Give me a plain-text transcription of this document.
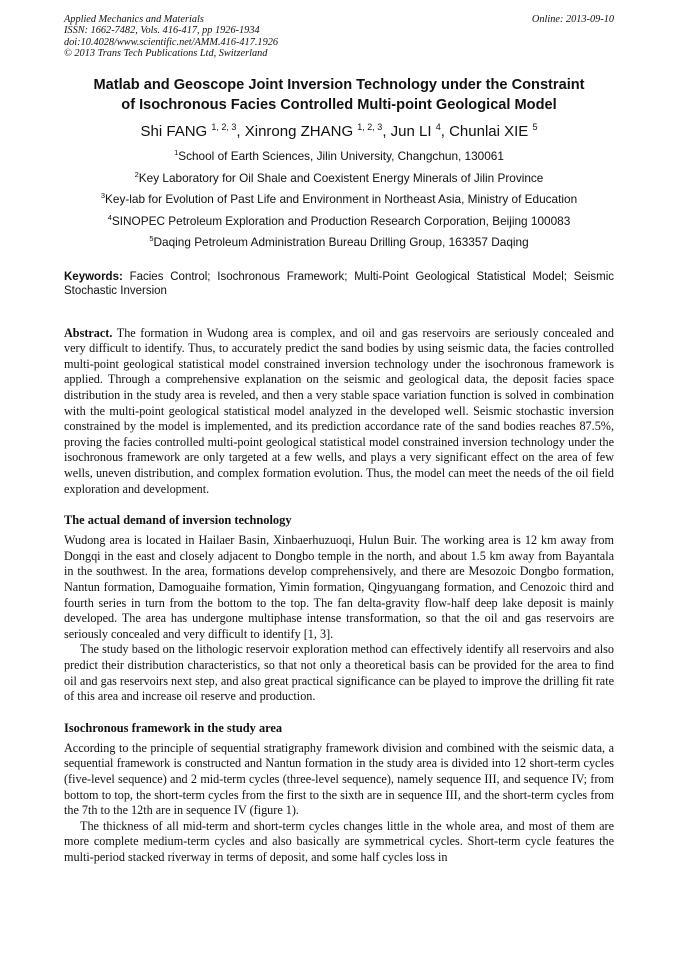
Applied Mechanics and Materials
ISSN: 1662-7482, Vols. 416-417, pp 1926-1934
doi:10.4028/www.scientific.net/AMM.416-417.1926
© 2013 Trans Tech Publications Ltd, Switzerland
Online: 2013-09-10
Matlab and Geoscope Joint Inversion Technology under the Constraint
of Isochronous Facies Controlled Multi-point Geological Model
Shi FANG $^{1, 2, 3}$, Xinrong ZHANG $^{1, 2, 3}$, Jun LI $^4$, Chunlai XIE $^5$
$^1$School of Earth Sciences, Jilin University, Changchun, 130061
$^2$Key Laboratory for Oil Shale and Coexistent Energy Minerals of Jilin Province
$^3$Key-lab for Evolution of Past Life and Environment in Northeast Asia, Ministry of Education
$^4$SINOPEC Petroleum Exploration and Production Research Corporation, Beijing 100083
$^5$Daqing Petroleum Administration Bureau Drilling Group, 163357 Daqing
Keywords: Facies Control; Isochronous Framework; Multi-Point Geological Statistical Model; Seismic Stochastic Inversion
Abstract. The formation in Wudong area is complex, and oil and gas reservoirs are seriously concealed and very difficult to identify. Thus, to accurately predict the sand bodies by using seismic data, the facies controlled multi-point geological statistical model constrained inversion technology under the isochronous framework is applied. Through a comprehensive explanation on the seismic and geological data, the deposit facies space distribution in the study area is reveled, and then a very stable space variation function is solved in combination with the multi-point geological statistical model analyzed in the developed well. Seismic stochastic inversion constrained by the model is implemented, and its prediction accordance rate of the sand bodies reaches 87.5%, proving the facies controlled multi-point geological statistical model constrained inversion technology under the isochronous framework are only targeted at a few wells, and plays a very significant effect on the area of few wells, uneven distribution, and complex formation evolution. Thus, the model can meet the needs of the oil field exploration and development.
The actual demand of inversion technology

Wudong area is located in Hailaer Basin, Xinbaerhuzuoqi, Hulun Buir. The working area is 12 km away from Dongqi in the east and closely adjacent to Dongbo temple in the north, and about 1.5 km away from Bayantala in the southwest. In the area, formations develop comprehensively, and there are Mesozoic Dongbo formation, Nantun formation, Damoguaihe formation, Yimin formation, Qingyuangang formation, and Cenozoic third and fourth series in turn from the bottom to the top. The fan delta-gravity flow-half deep lake deposit is mainly developed. The area has undergone multiphase intense transformation, so that the oil and gas reservoirs are seriously concealed and very difficult to identify [1, 3].

The study based on the lithologic reservoir exploration method can effectively identify all reservoirs and also predict their distribution characteristics, so that not only a theoretical basis can be provided for the area to find oil and gas reservoirs next step, and also great practical significance can be played to improve the drilling fit rate of this area and increase oil reserve and production.

Isochronous framework in the study area

According to the principle of sequential stratigraphy framework division and combined with the seismic data, a sequential framework is constructed and Nantun formation in the study area is divided into 12 short-term cycles (five-level sequence) and 2 mid-term cycles (three-level sequence), namely sequence III, and sequence IV; from bottom to top, the short-term cycles from the first to the sixth are in sequence III, and the short-term cycles from the 7th to the 12th are in sequence IV (figure 1).

The thickness of all mid-term and short-term cycles changes little in the whole area, and most of them are more complete medium-term cycles and also basically are symmetrical cycles. Short-term cycle features the multi-period stacked riverway in terms of deposit, and some half cycles loss in
